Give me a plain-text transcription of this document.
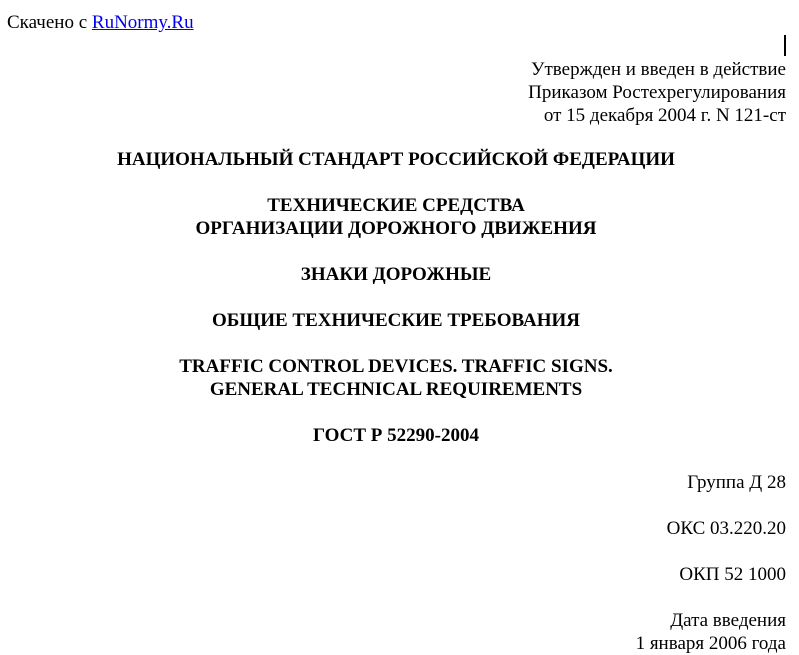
Скачено с RuNormy.Ru
Утвержден и введен в действие
Приказом Ростехрегулирования
от 15 декабря 2004 г. N 121-ст
НАЦИОНАЛЬНЫЙ СТАНДАРТ РОССИЙСКОЙ ФЕДЕРАЦИИ
ТЕХНИЧЕСКИЕ СРЕДСТВА
ОРГАНИЗАЦИИ ДОРОЖНОГО ДВИЖЕНИЯ
ЗНАКИ ДОРОЖНЫЕ
ОБЩИЕ ТЕХНИЧЕСКИЕ ТРЕБОВАНИЯ
TRAFFIC CONTROL DEVICES. TRAFFIC SIGNS.
GENERAL TECHNICAL REQUIREMENTS
ГОСТ Р 52290-2004
Группа Д 28
ОКС 03.220.20
ОКП 52 1000
Дата введения
1 января 2006 года
